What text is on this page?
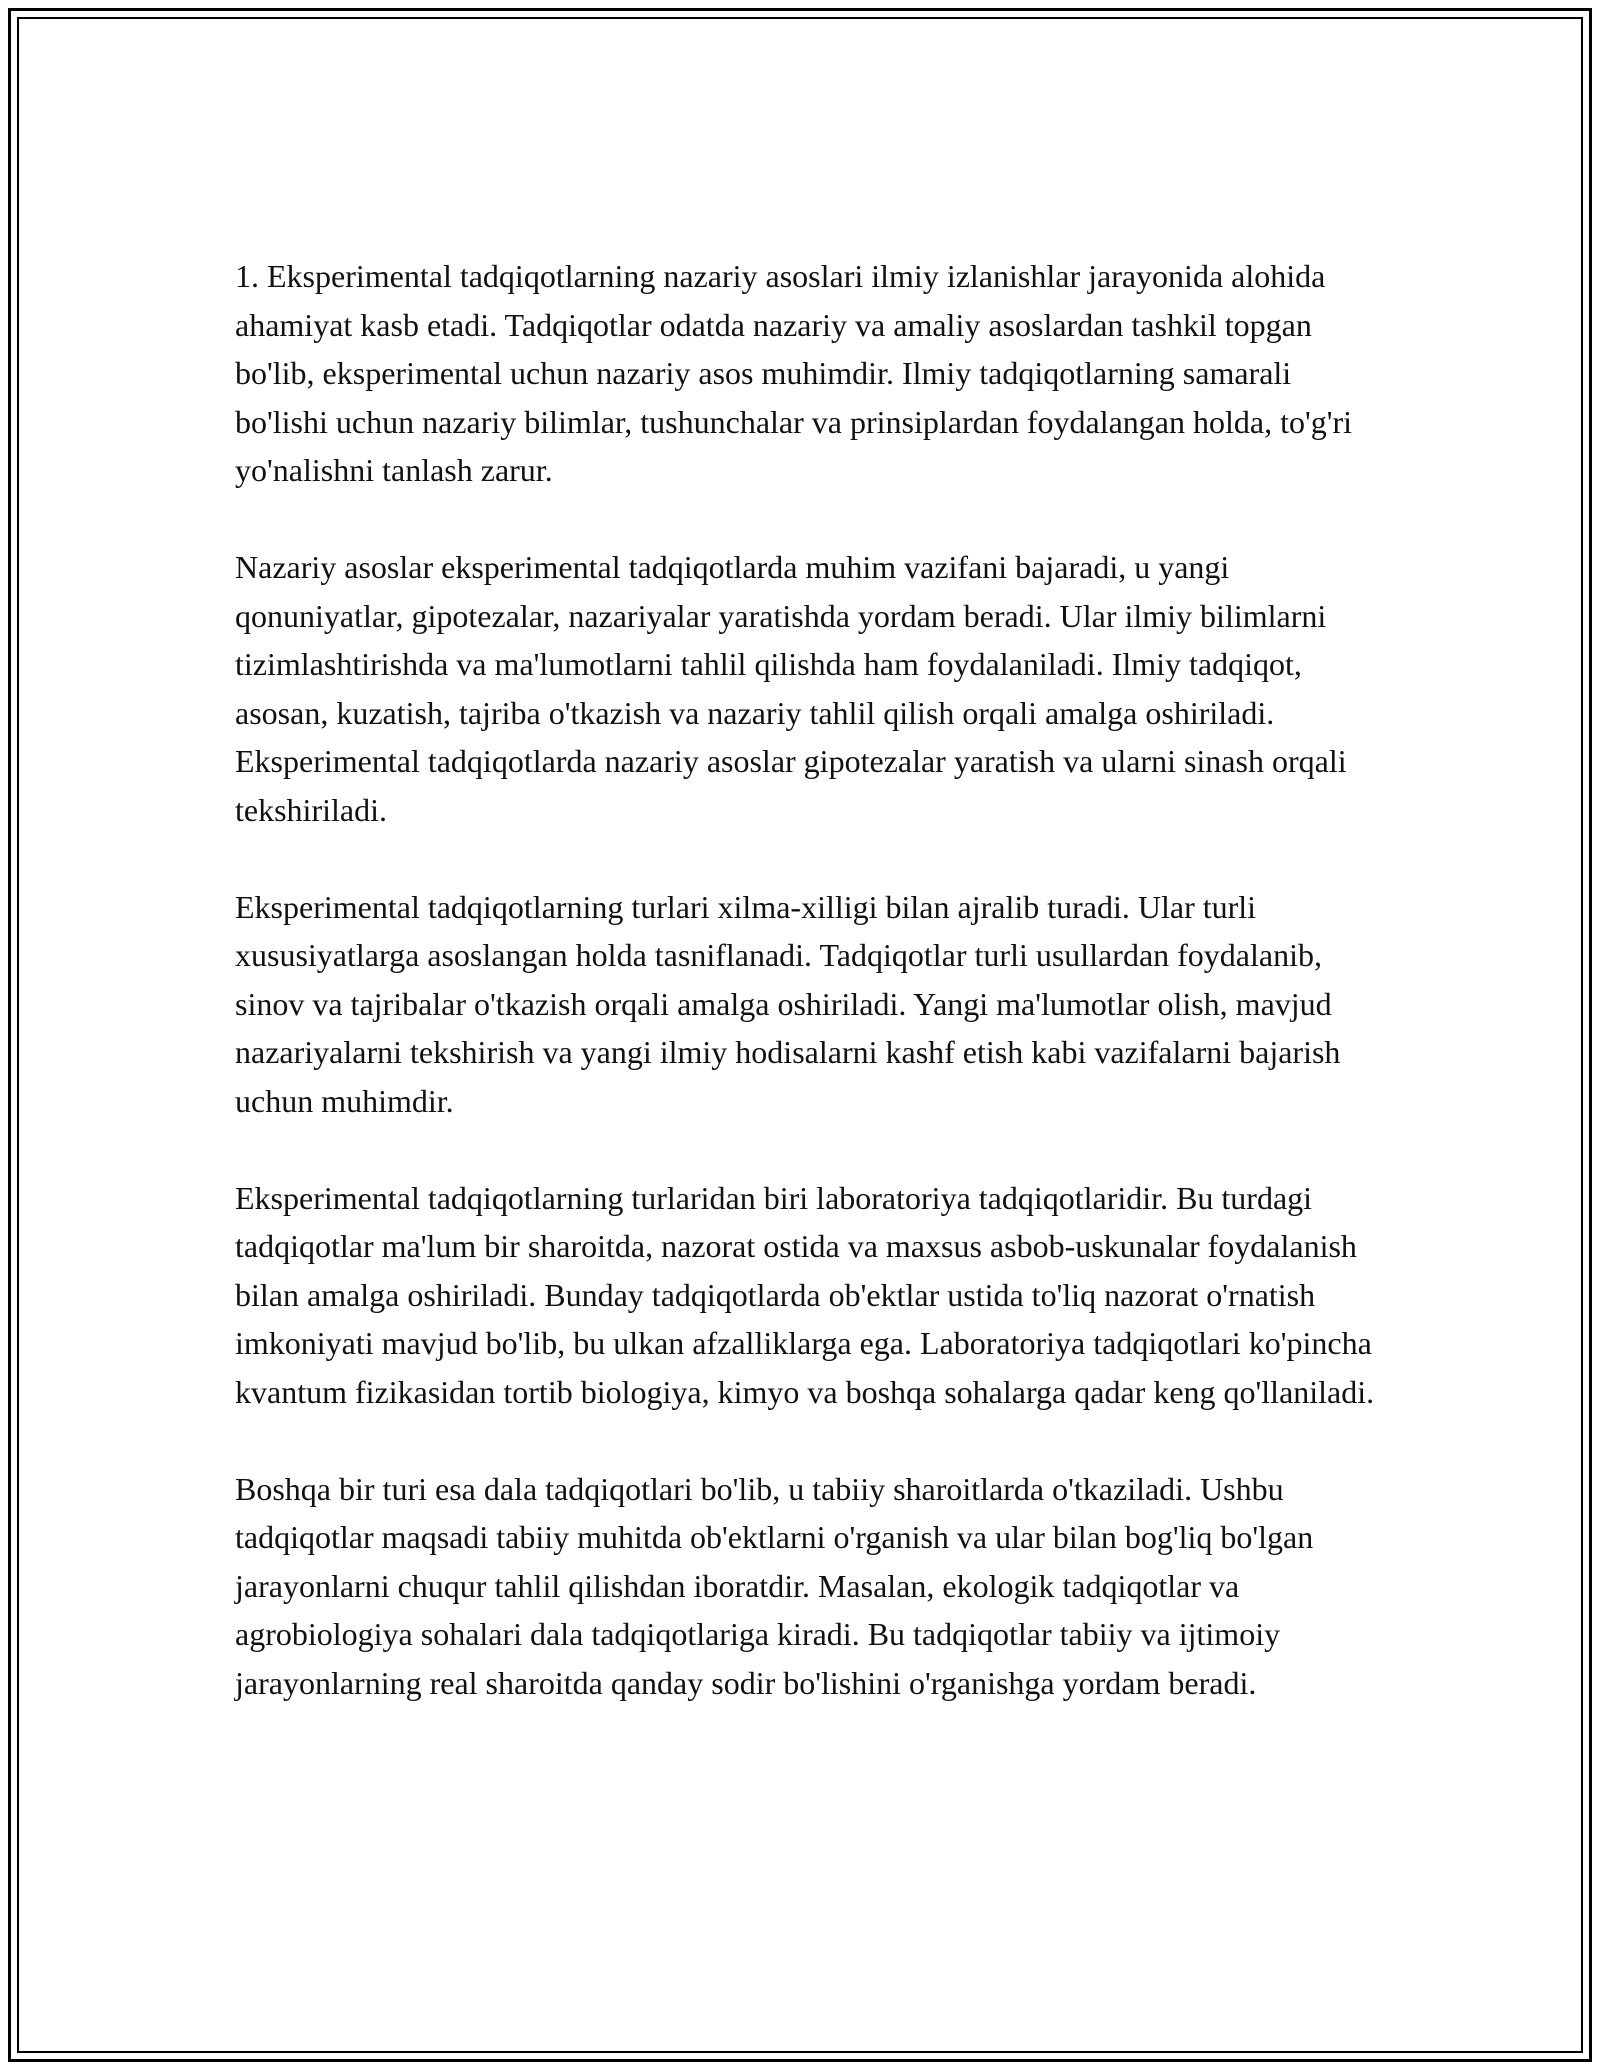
1. Eksperimental tadqiqotlarning nazariy asoslari ilmiy izlanishlar jarayonida alohida ahamiyat kasb etadi. Tadqiqotlar odatda nazariy va amaliy asoslardan tashkil topgan bo'lib, eksperimental uchun nazariy asos muhimdir. Ilmiy tadqiqotlarning samarali bo'lishi uchun nazariy bilimlar, tushunchalar va prinsiplardan foydalangan holda, to'g'ri yo'nalishni tanlash zarur.

Nazariy asoslar eksperimental tadqiqotlarda muhim vazifani bajaradi, u yangi qonuniyatlar, gipotezalar, nazariyalar yaratishda yordam beradi. Ular ilmiy bilimlarni tizimlashtirishda va ma'lumotlarni tahlil qilishda ham foydalaniladi. Ilmiy tadqiqot, asosan, kuzatish, tajriba o'tkazish va nazariy tahlil qilish orqali amalga oshiriladi. Eksperimental tadqiqotlarda nazariy asoslar gipotezalar yaratish va ularni sinash orqali tekshiriladi.

Eksperimental tadqiqotlarning turlari xilma-xilligi bilan ajralib turadi. Ular turli xususiyatlarga asoslangan holda tasniflanadi. Tadqiqotlar turli usullardan foydalanib, sinov va tajribalar o'tkazish orqali amalga oshiriladi. Yangi ma'lumotlar olish, mavjud nazariyalarni tekshirish va yangi ilmiy hodisalarni kashf etish kabi vazifalarni bajarish uchun muhimdir.

Eksperimental tadqiqotlarning turlaridan biri laboratoriya tadqiqotlaridir. Bu turdagi tadqiqotlar ma'lum bir sharoitda, nazorat ostida va maxsus asbob-uskunalar foydalanish bilan amalga oshiriladi. Bunday tadqiqotlarda ob'ektlar ustida to'liq nazorat o'rnatish imkoniyati mavjud bo'lib, bu ulkan afzalliklarga ega. Laboratoriya tadqiqotlari ko'pincha kvantum fizikasidan tortib biologiya, kimyo va boshqa sohalarga qadar keng qo'llaniladi.

Boshqa bir turi esa dala tadqiqotlari bo'lib, u tabiiy sharoitlarda o'tkaziladi. Ushbu tadqiqotlar maqsadi tabiiy muhitda ob'ektlarni o'rganish va ular bilan bog'liq bo'lgan jarayonlarni chuqur tahlil qilishdan iboratdir. Masalan, ekologik tadqiqotlar va agrobiologiya sohalari dala tadqiqotlariga kiradi. Bu tadqiqotlar tabiiy va ijtimoiy jarayonlarning real sharoitda qanday sodir bo'lishini o'rganishga yordam beradi.
